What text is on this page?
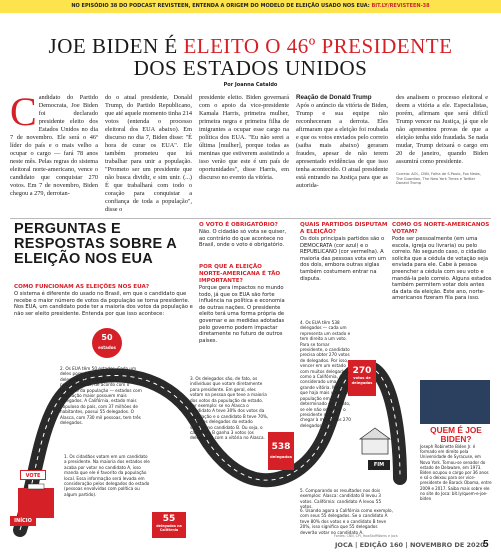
NO EPISÓDIO 38 DO PODCAST REVISTEEN, ENTENDA A ORIGEM DO MODELO DE ELEIÇÃO USADO NOS EUA: BIT.LY/REVISTEEN-38
JOE BIDEN É ELEITO O 46º PRESIDENTE
DOS ESTADOS UNIDOS
Por Joanna Cataldo
Candidato do Partido Democrata, Joe Biden foi declarado presidente eleito dos Estados Unidos no dia 7 de novembro. Ele será o 46º líder do país e o mais velho a ocupar o cargo — fará 78 anos neste mês. Pelas regras do sistema eleitoral norte-americano, vence o candidato que conquistar 270 votos. Em 7 de novembro, Biden chegou a 279, derrotan-
do o atual presidente, Donald Trump, do Partido Republicano, que até aquele momento tinha 214 votos (entenda o processo eleitoral dos EUA abaixo). Em discurso no dia 7, Biden disse: "É hora de curar os EUA". Ele também prometeu que irá trabalhar para unir a população. "Prometo ser um presidente que não busca dividir, e sim unir. (...) É que trabalhará com todo o coração para conquistar a confiança de toda a população", disse o
presidente eleito. Biden governará com o apoio da vice-presidente Kamala Harris, primeira mulher, primeira negra e primeira filha de imigrantes a ocupar esse cargo na política dos EUA. "Eu não serei a última [mulher], porque todas as meninas que estiverem assistindo a isso verão que este é um país de oportunidades", disse Harris, em discurso no evento da vitória.
Reação de Donald Trump
Após o anúncio da vitória de Biden, Trump e sua equipe não reconheceram a derrota. Eles afirmaram que a eleição foi roubada e que os votos enviados pelo correio (saiba mais abaixo) geraram fraudes, apesar de não terem apresentado evidências de que isso tenha acontecido. O atual presidente está entrando na Justiça para que as autorida-
des analisem o processo eleitoral e deem a vitória a ele. Especialistas, porém, afirmam que será difícil Trump vencer na Justiça, já que ele não apresentou provas de que a eleição tenha sido fraudada. Se nada mudar, Trump deixará o cargo em 20 de janeiro, quando Biden assumirá como presidente.
Correio: AOL, CNN, Folha de S.Paulo, Fox News, The Guardian, The New York Times e Twitter Donald Trump
PERGUNTAS E RESPOSTAS SOBRE A ELEIÇÃO NOS EUA
COMO FUNCIONAM AS ELEIÇÕES NOS EUA?
O sistema é diferente do usado no Brasil, em que o candidato que recebe o maior número de votos da população se torna presidente. Nos EUA, um candidato pode ter a maioria dos votos da população e não ser eleito presidente. Entenda por que isso acontece:
O VOTO É OBRIGATÓRIO?
Não. O cidadão só vota se quiser, ao contrário do que acontece no Brasil, onde o voto é obrigatório.
POR QUE A ELEIÇÃO NORTE-AMERICANA É TÃO IMPORTANTE?
Porque gera impactos no mundo todo, já que os EUA são forte influência na política e economia de outras nações. O presidente eleito terá uma forma própria de governar e as medidas adotadas pelo governo podem impactar diretamente no futuro de outros países.
QUAIS PARTIDOS DISPUTAM A ELEIÇÃO?
Os dois principais partidos são o DEMOCRATA (cor azul) e o REPUBLICANO (cor vermelha). A maioria das pessoas vota em um dos dois, embora outras siglas também costumem entrar na disputa.
COMO OS NORTE-AMERICANOS VOTAM?
Pode ser pessoalmente (em uma escola, igreja ou livraria) ou pelo correio. No segundo caso, o cidadão solicita que a cédula de votação seja enviada para ele. Cabe à pessoa preencher a cédula com seu voto e mandá-la pelo correio. Alguns estados também permitem votar dois antes da data da eleição. Este ano, norte-americanos fizeram fila para isso.
50
estados
55
delegados na Califórnia
538
delegados
270
votos de delegados
VOTE
INÍCIO
FIM
1. Os cidadãos votam em um candidato a presidente. Na maioria dos estados ele acaba por votar no candidato A, isso manda que ele é favorito da população local. Essa informação será levada em consideração pelos delegados do estado (pessoas envolvidas com política ou algum partido).
2. Os EUA têm 50 estados. Cada um deles possui determinado número de delegados. O número varia, principalmente, de acordo com o tamanho da população — estados com população maior possuem mais delegados. A Califórnia, estado mais populoso do país, com 37 milhões de habitantes, possui 55 delegados. O Alasca, com 730 mil pessoas, tem três delegados.
3. Os delegados são, de fato, os indivíduos que votam diretamente para presidente. Em geral, eles votam na pessoa que teve a maioria dos votos da população do estado. Por exemplo: se no Alasca o candidato A teve 30% dos votos da população e o candidato B teve 70%, todos os delegados do estado votarão no candidato B. Ou seja, o candidato B ganha 3 votos (os delegados) com a vitória no Alasca.
4. Os EUA têm 538 delegados — cada um representa um estado e tem direito a um voto. Para se tornar presidente, o candidato precisa obter 270 votos de delegados. Por isso, vencer em um estado com muitos delegados, como a Califórnia, é considerado uma grande vitória. Mesmo que haja mais votos da população em determinado candidato, se ele não se tornar o presidente se não chegar à marca dos 270 delegados.
5. Comparando os resultados nos dois exemplos: Alasca: candidato B levou 3 votos. Califórnia: candidato A levou 55 votos.
6. Usando agora a Califórnia como exemplo, com seus 55 delegados. Se o candidato A teve 80% dos votos e o candidato B teve 20%, isso significa que 55 delegados deverão votar no candidato A.
Fontes: CNN, CPI, HowStuffWorks e Joca
QUEM É JOE BIDEN?
Joseph Robinette Biden Jr. é formado em direito pela Universidade de Syracuse, em Nova York. Tornou-se senador do estado de Delaware, em 1973. Biden ocupou o cargo por 36 anos e só o deixou para ser vice-presidente de Barack Obama, entre 2009 e 2017. Saiba mais sobre ele no site do Joca: bit.ly/quem-e-joe-biden
JOCA | EDIÇÃO 160 | NOVEMBRO DE 2020
5
